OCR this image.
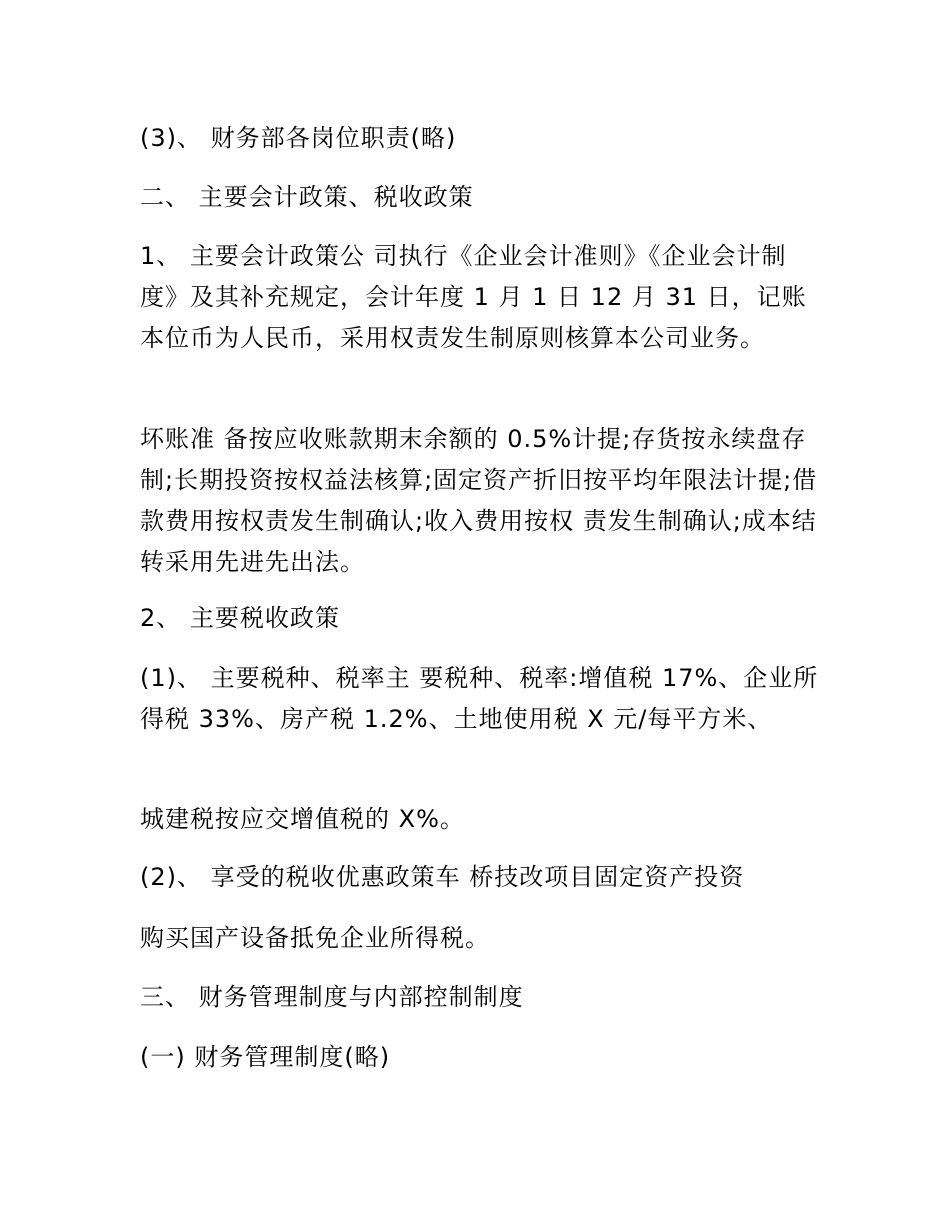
(3)、 财务部各岗位职责(略)

二、 主要会计政策、税收政策

1、 主要会计政策公 司执行《企业会计准则》《企业会计制度》及其补充规定，会计年度 1 月 1 日 12 月 31 日，记账本位币为人民币，采用权责发生制原则核算本公司业务。

坏账准 备按应收账款期末余额的 0.5%计提;存货按永续盘存制;长期投资按权益法核算;固定资产折旧按平均年限法计提;借款费用按权责发生制确认;收入费用按权 责发生制确认;成本结转采用先进先出法。

2、 主要税收政策

(1)、 主要税种、税率主 要税种、税率:增值税 17%、企业所得税 33%、房产税 1.2%、土地使用税 X 元/每平方米、

城建税按应交增值税的 X%。

(2)、 享受的税收优惠政策车 桥技改项目固定资产投资

购买国产设备抵免企业所得税。

三、 财务管理制度与内部控制制度

(一) 财务管理制度(略)
